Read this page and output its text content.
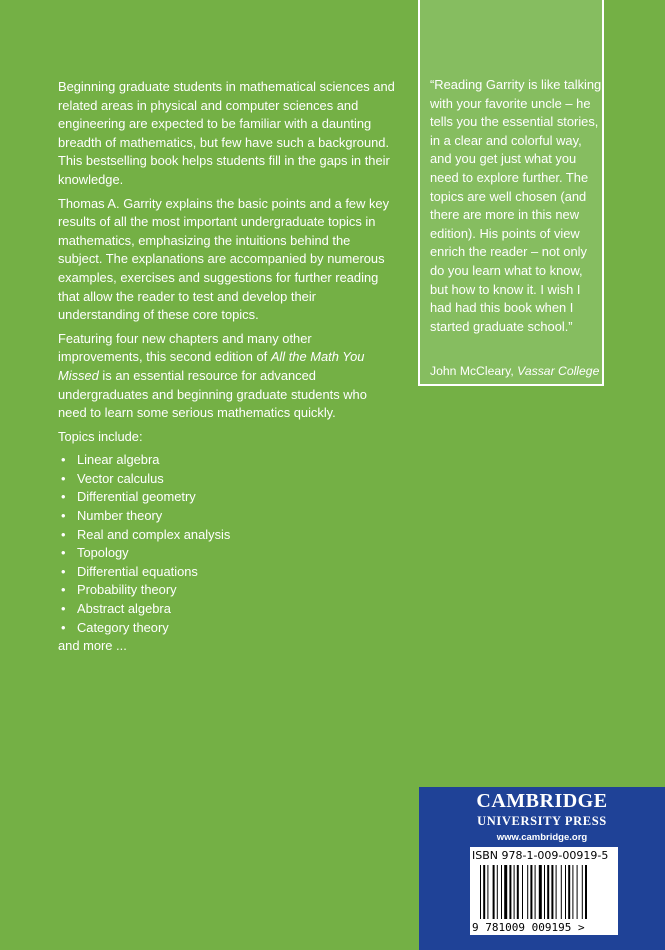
Beginning graduate students in mathematical sciences and related areas in physical and computer sciences and engineering are expected to be familiar with a daunting breadth of mathematics, but few have such a background. This bestselling book helps students fill in the gaps in their knowledge.

Thomas A. Garrity explains the basic points and a few key results of all the most important undergraduate topics in mathematics, emphasizing the intuitions behind the subject. The explanations are accompanied by numerous examples, exercises and suggestions for further reading that allow the reader to test and develop their understanding of these core topics.

Featuring four new chapters and many other improvements, this second edition of All the Math You Missed is an essential resource for advanced undergraduates and beginning graduate students who need to learn some serious mathematics quickly.

Topics include:

• Linear algebra
• Vector calculus
• Differential geometry
• Number theory
• Real and complex analysis
• Topology
• Differential equations
• Probability theory
• Abstract algebra
• Category theory

and more ...

“Reading Garrity is like talking with your favorite uncle – he tells you the essential stories, in a clear and colorful way, and you get just what you need to explore further. The topics are well chosen (and there are more in this new edition). His points of view enrich the reader – not only do you learn what to know, but how to know it. I wish I had had this book when I started graduate school.”
John McCleary, Vassar College
CAMBRIDGE
UNIVERSITY PRESS
www.cambridge.org
ISBN 978-1-009-00919-5
9 781009 009195 >
